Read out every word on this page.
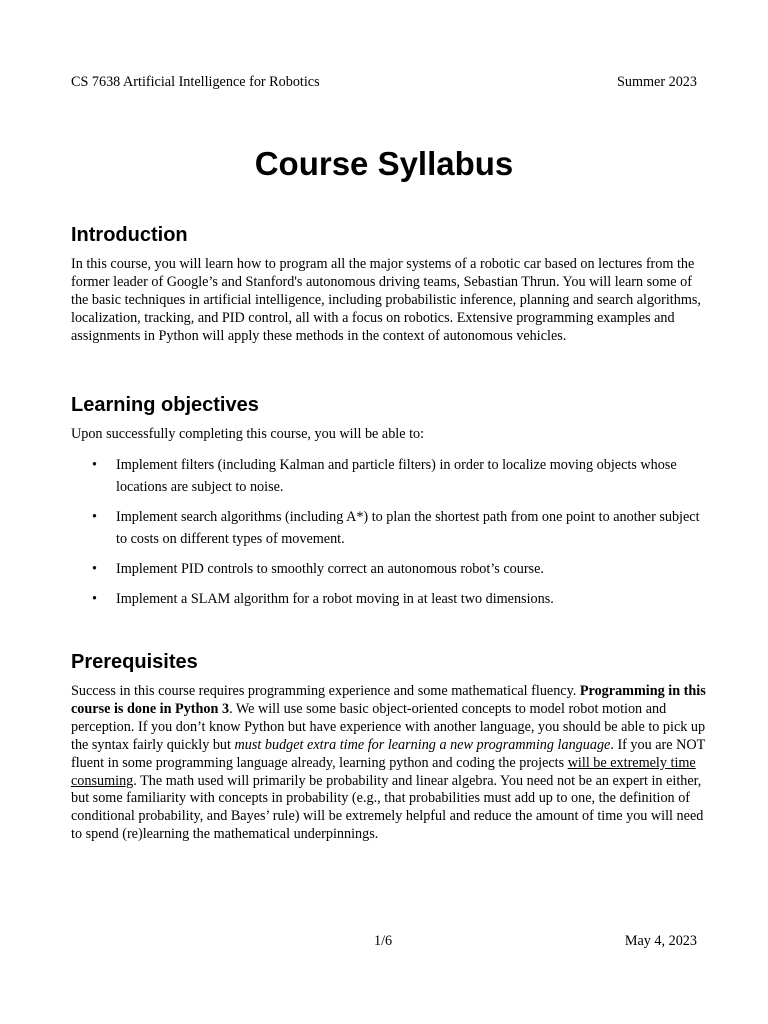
CS 7638 Artificial Intelligence for Robotics	Summer 2023
Course Syllabus
Introduction
In this course, you will learn how to program all the major systems of a robotic car based on lectures from the former leader of Google’s and Stanford's autonomous driving teams, Sebastian Thrun. You will learn some of the basic techniques in artificial intelligence, including probabilistic inference, planning and search algorithms, localization, tracking, and PID control, all with a focus on robotics. Extensive programming examples and assignments in Python will apply these methods in the context of autonomous vehicles.
Learning objectives
Upon successfully completing this course, you will be able to:
• Implement filters (including Kalman and particle filters) in order to localize moving objects whose locations are subject to noise.
• Implement search algorithms (including A*) to plan the shortest path from one point to another subject to costs on different types of movement.
• Implement PID controls to smoothly correct an autonomous robot’s course.
• Implement a SLAM algorithm for a robot moving in at least two dimensions.
Prerequisites
Success in this course requires programming experience and some mathematical fluency. Programming in this course is done in Python 3. We will use some basic object-oriented concepts to model robot motion and perception. If you don’t know Python but have experience with another language, you should be able to pick up the syntax fairly quickly but must budget extra time for learning a new programming language. If you are NOT fluent in some programming language already, learning python and coding the projects will be extremely time consuming. The math used will primarily be probability and linear algebra. You need not be an expert in either, but some familiarity with concepts in probability (e.g., that probabilities must add up to one, the definition of conditional probability, and Bayes’ rule) will be extremely helpful and reduce the amount of time you will need to spend (re)learning the mathematical underpinnings.
1/6	May 4, 2023
